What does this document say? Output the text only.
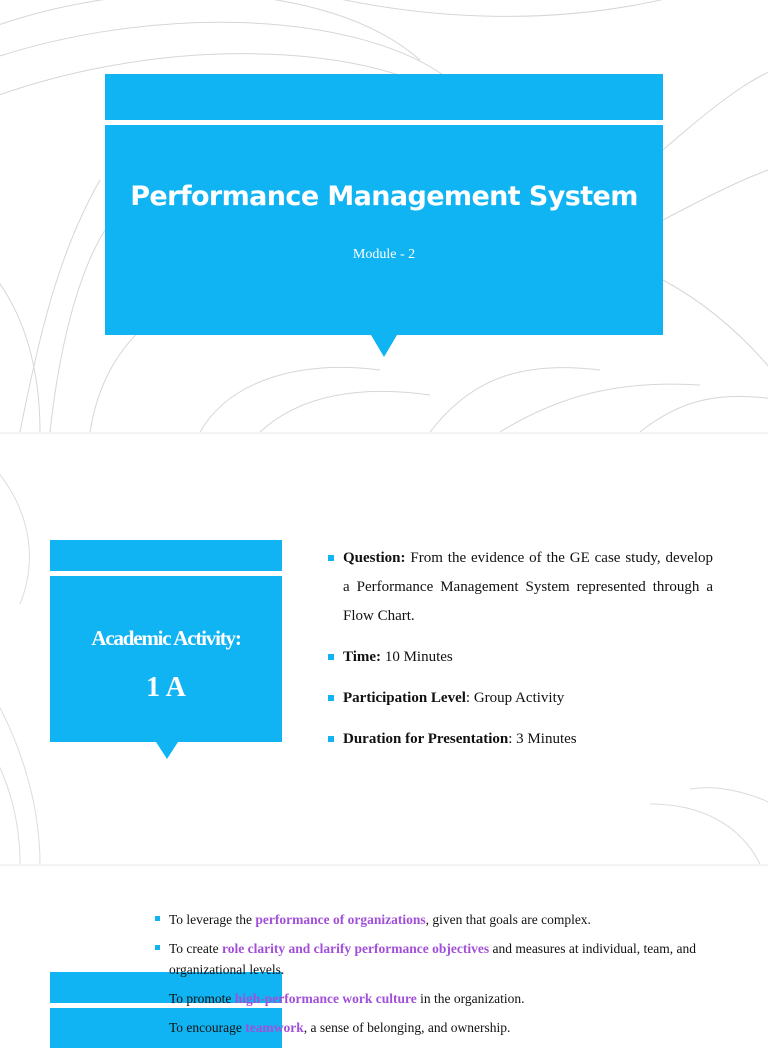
Performance Management System
Module - 2
Academic Activity:
1 A
Question: From the evidence of the GE case study, develop a Performance Management System represented through a Flow Chart.
Time: 10 Minutes
Participation Level: Group Activity
Duration for Presentation: 3 Minutes
To leverage the performance of organizations, given that goals are complex.
To create role clarity and clarify performance objectives and measures at individual, team, and organizational levels.
To promote high-performance work culture in the organization.
To encourage teamwork, a sense of belonging, and ownership.
